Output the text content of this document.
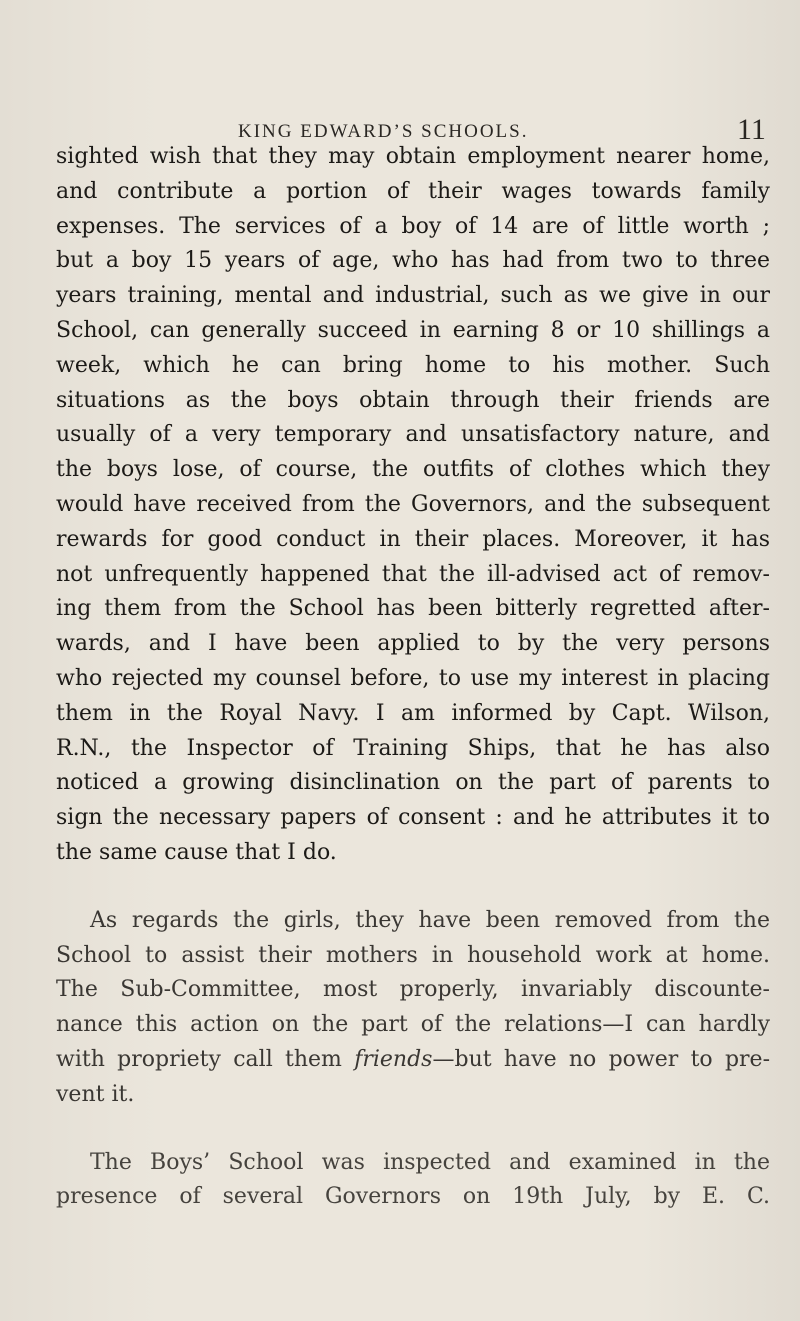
KING EDWARD’S SCHOOLS.	11
sighted wish that they may obtain employment nearer home,
and contribute a portion of their wages towards family
expenses. The services of a boy of 14 are of little worth ;
but a boy 15 years of age, who has had from two to three
years training, mental and industrial, such as we give in our
School, can generally succeed in earning 8 or 10 shillings a
week, which he can bring home to his mother. Such
situations as the boys obtain through their friends are
usually of a very temporary and unsatisfactory nature, and
the boys lose, of course, the outfits of clothes which they
would have received from the Governors, and the subsequent
rewards for good conduct in their places. Moreover, it has
not unfrequently happened that the ill-advised act of remov-
ing them from the School has been bitterly regretted after-
wards, and I have been applied to by the very persons
who rejected my counsel before, to use my interest in placing
them in the Royal Navy. I am informed by Capt. Wilson,
R.N., the Inspector of Training Ships, that he has also
noticed a growing disinclination on the part of parents to
sign the necessary papers of consent : and he attributes it to
the same cause that I do.
As regards the girls, they have been removed from the
School to assist their mothers in household work at home.
The Sub-Committee, most properly, invariably discounte-
nance this action on the part of the relations—I can hardly
with propriety call them friends—but have no power to pre-
vent it.
The Boys’ School was inspected and examined in the
presence of several Governors on 19th July, by E. C.
